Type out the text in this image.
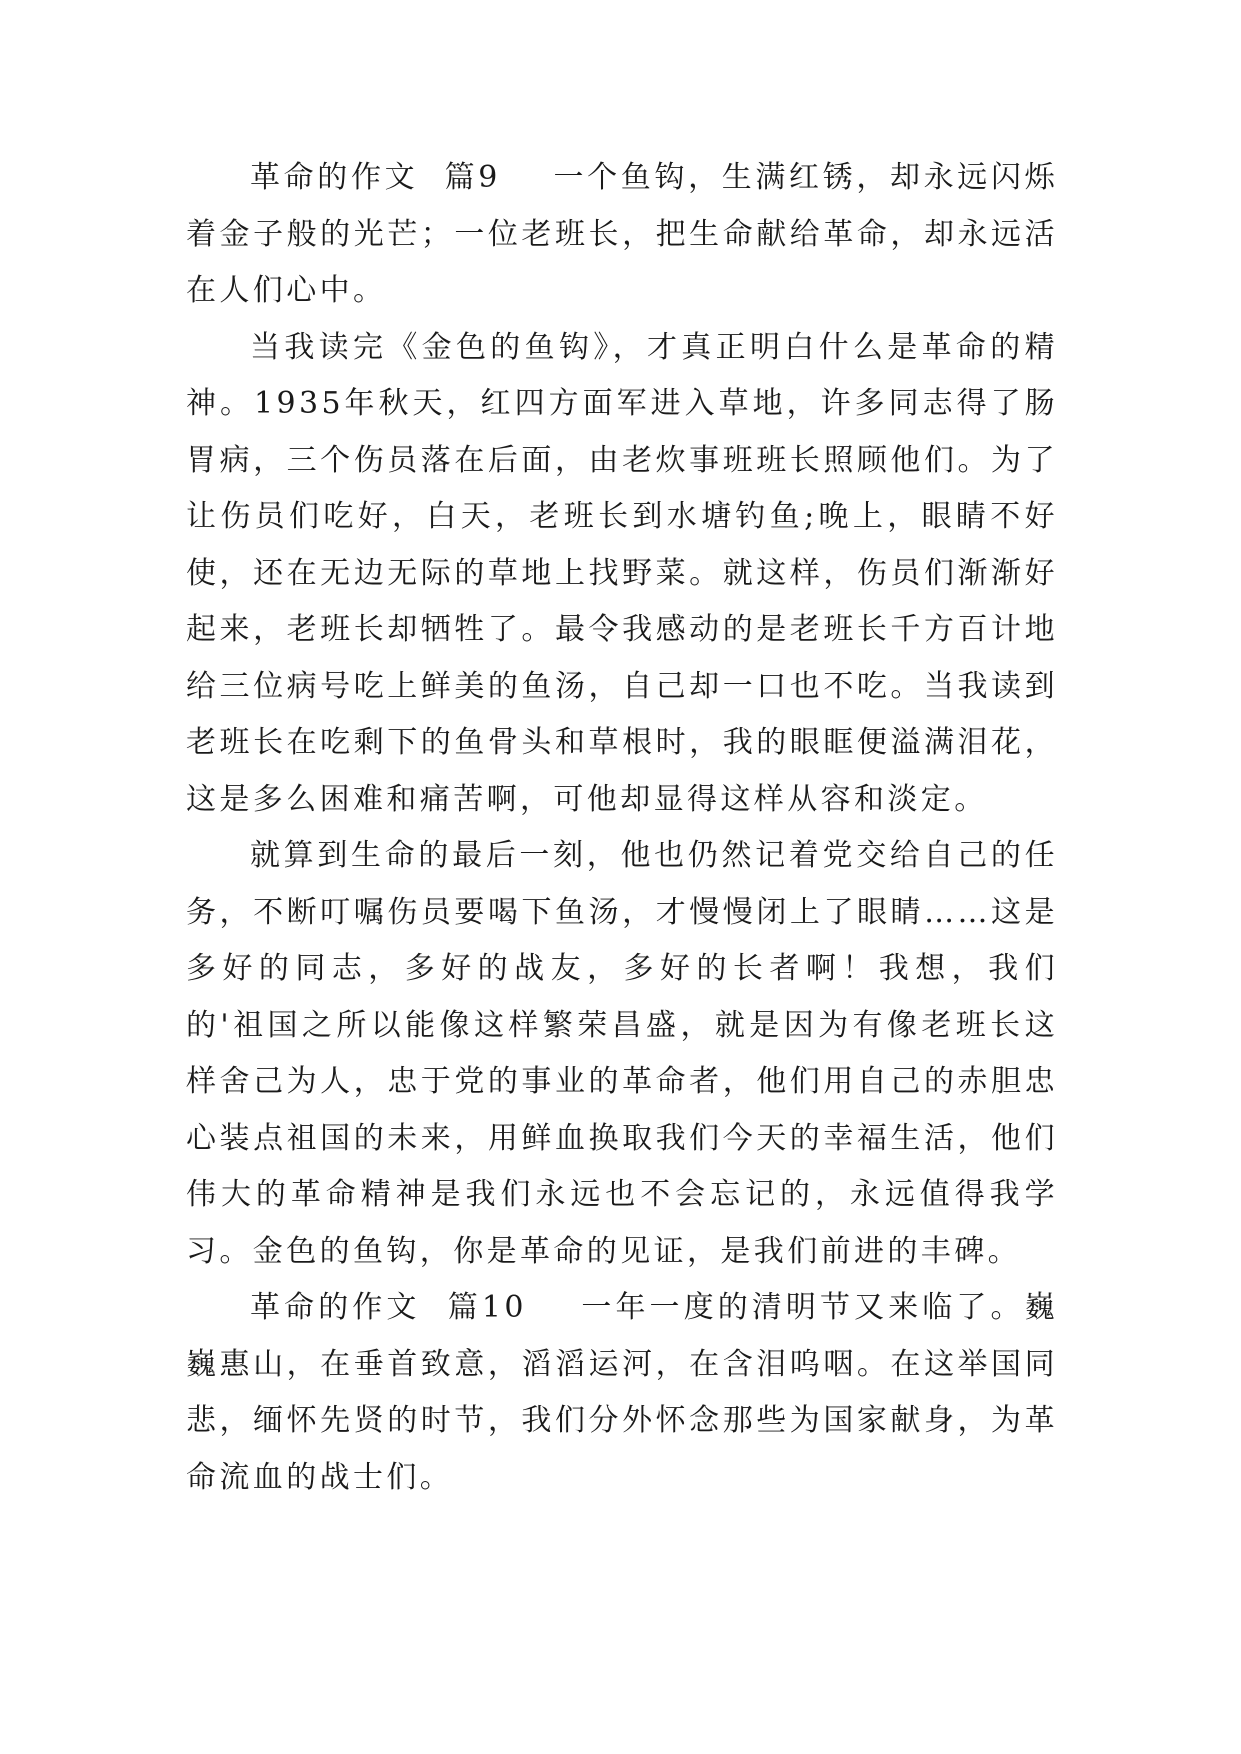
革命的作文  篇9    一个鱼钩，生满红锈，却永远闪烁着金子般的光芒；一位老班长，把生命献给革命，却永远活在人们心中。

当我读完《金色的鱼钩》，才真正明白什么是革命的精神。1935年秋天，红四方面军进入草地，许多同志得了肠胃病，三个伤员落在后面，由老炊事班班长照顾他们。为了让伤员们吃好，白天，老班长到水塘钓鱼;晚上，眼睛不好使，还在无边无际的草地上找野菜。就这样，伤员们渐渐好起来，老班长却牺牲了。最令我感动的是老班长千方百计地给三位病号吃上鲜美的鱼汤，自己却一口也不吃。当我读到老班长在吃剩下的鱼骨头和草根时，我的眼眶便溢满泪花，这是多么困难和痛苦啊，可他却显得这样从容和淡定。

就算到生命的最后一刻，他也仍然记着党交给自己的任务，不断叮嘱伤员要喝下鱼汤，才慢慢闭上了眼睛……这是多好的同志，多好的战友，多好的长者啊！我想，我们的'祖国之所以能像这样繁荣昌盛，就是因为有像老班长这样舍己为人，忠于党的事业的革命者，他们用自己的赤胆忠心装点祖国的未来，用鲜血换取我们今天的幸福生活，他们伟大的革命精神是我们永远也不会忘记的，永远值得我学习。金色的鱼钩，你是革命的见证，是我们前进的丰碑。

革命的作文  篇10    一年一度的清明节又来临了。巍巍惠山，在垂首致意，滔滔运河，在含泪呜咽。在这举国同悲，缅怀先贤的时节，我们分外怀念那些为国家献身，为革命流血的战士们。
